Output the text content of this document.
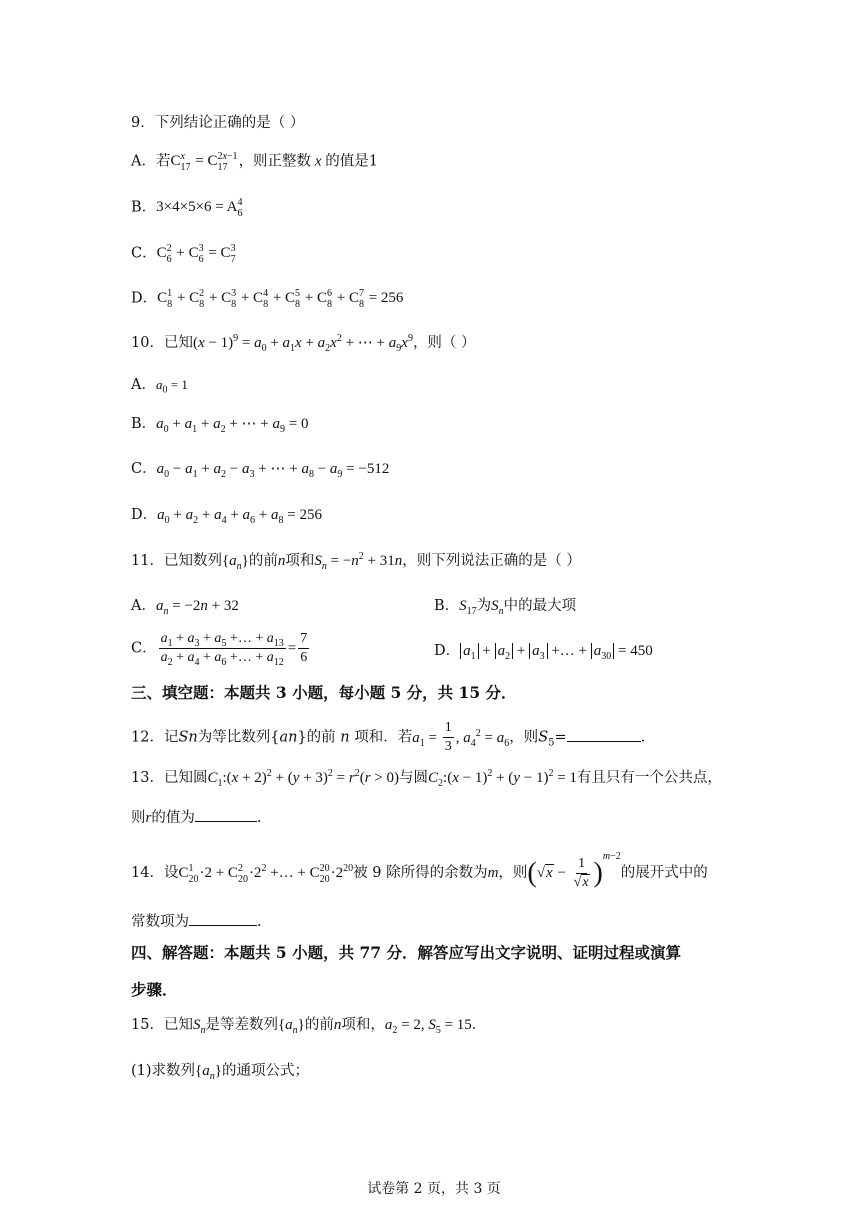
9．下列结论正确的是（ ）
A．若C x
17 = C 2x−1
17 ，则正整数 x 的值是1
B．3×4×5×6 = A 4
6
C．C 2
6 + C 3
6 = C 3
7
D．C 1
8 + C 2
8 + C 3
8 + C 4
8 + C 5
8 + C 6
8 + C 7
8 = 256
10．已知$(x - 1)^9 = a_0 + a_1x + a_2x^2$ + ⋯ + $a_9x^9$，则（ ）
A．$a_0 = 1$
B．$a_0 + a_1 + a_2$ + ⋯ + $a_9 = 0$
C．$a_0 - a_1 + a_2 - a_3$ + ⋯ + $a_8 - a_9 = -512$
D．$a_0 + a_2 + a_4 + a_6 + a_8 = 256$
11．已知数列$\{a_n\}$的前n项和$S_n = -n^2 + 31n$，则下列说法正确的是（ ）
A．$a_n = -2n + 32$	B．$S_{17}$为$S_n$中的最大项
C． $\frac{a_1 + a_3 + a_5 +\dots + a_{13}}{a_2 + a_4 + a_6 +\dots + a_{12}} = \frac{7}{6}$	D． $a_1 + a_2 + a_3$ +… + $a_{30} = 450$
三、填空题：本题共 3 小题，每小题 5 分，共 15 分．
12．记Sn为等比数列{an}的前 n 项和．若$a_1 = \frac{1}{3}$ , $a_4^2 = a_6$，则$S_5=$	.
13．已知圆$C_1:(x + 2)^2 + (y + 3)^2 = r^2(r > 0)$与圆$C_2:(x - 1)^2 + (y - 1)^2 = 1$有且只有一个公共点，
则r的值为	.
14．设C 1
20 ·2 + C 2
$20 \cdot 2^2$ +… + C 20
$20 \cdot 2^{20}$被 9 除所得的余数为m，则$(√x - \frac{1}{√x} )^{m-2}$的展开式中的
常数项为	.
四、解答题：本题共 5 小题，共 77 分．解答应写出文字说明、证明过程或演算
步骤．
15．已知$S_n$是等差数列$\{a_n\}$的前n项和，$a_2 = 2$, $S_5 = 15$．
(1)求数列$\{a_n\}$的通项公式；
试卷第 2 页，共 3 页
